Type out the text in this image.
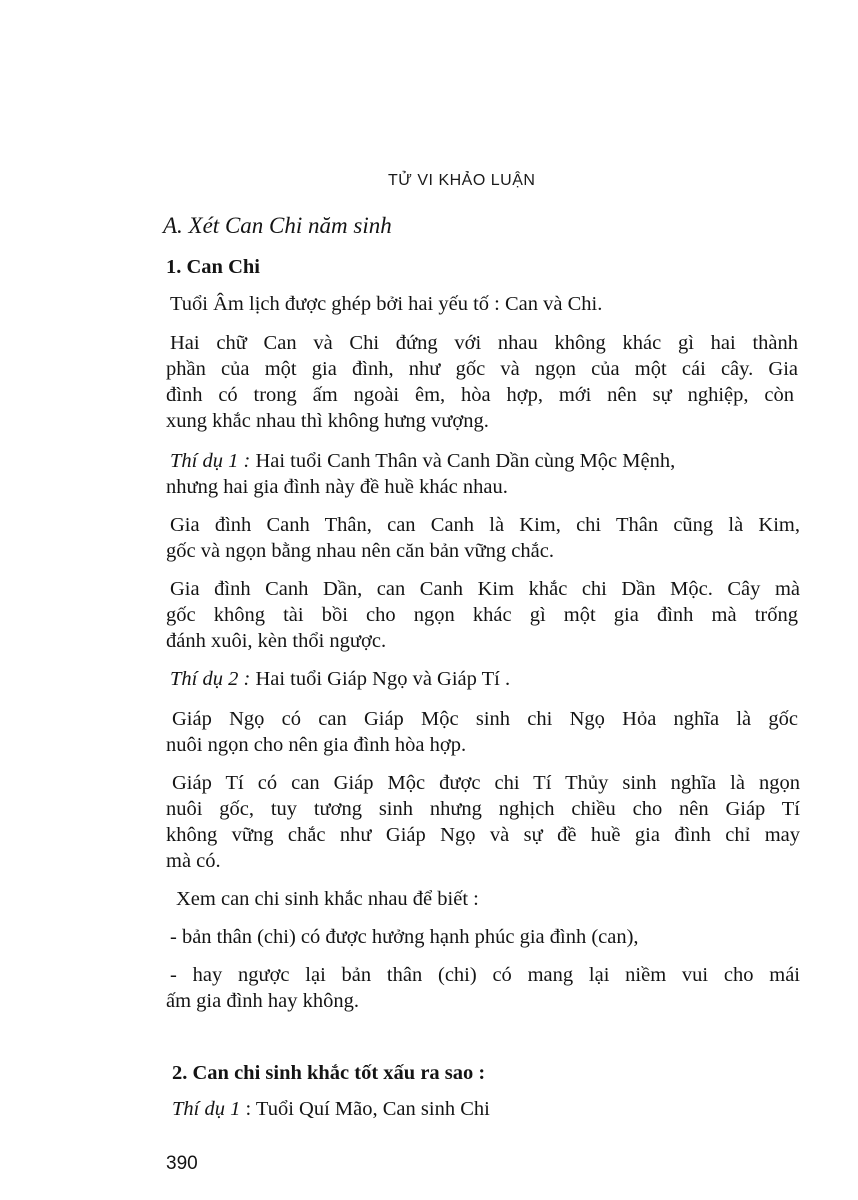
TỬ VI KHẢO LUẬN
A. Xét Can Chi năm sinh
1. Can Chi
Tuổi Âm lịch được ghép bởi hai yếu tố : Can và Chi.
Hai chữ Can và Chi đứng với nhau không khác gì hai thành
phần của một gia đình, như gốc và ngọn của một cái cây. Gia
đình có trong ấm ngoài êm, hòa hợp, mới nên sự nghiệp, còn
xung khắc nhau thì không hưng vượng.
Thí dụ 1 : Hai tuổi Canh Thân và Canh Dần cùng Mộc Mệnh,
nhưng hai gia đình này đề huề khác nhau.
Gia đình Canh Thân, can Canh là Kim, chi Thân cũng là Kim,
gốc và ngọn bằng nhau nên căn bản vững chắc.
Gia đình Canh Dần, can Canh Kim khắc chi Dần Mộc. Cây mà
gốc không tài bồi cho ngọn khác gì một gia đình mà trống
đánh xuôi, kèn thổi ngược.
Thí dụ 2 : Hai tuổi Giáp Ngọ và Giáp Tí .
Giáp Ngọ có can Giáp Mộc sinh chi Ngọ Hỏa nghĩa là gốc
nuôi ngọn cho nên gia đình hòa hợp.
Giáp Tí có can Giáp Mộc được chi Tí Thủy sinh nghĩa là ngọn
nuôi gốc, tuy tương sinh nhưng nghịch chiều cho nên Giáp Tí
không vững chắc như Giáp Ngọ và sự đề huề gia đình chỉ may
mà có.
Xem can chi sinh khắc nhau để biết :
- bản thân (chi) có được hưởng hạnh phúc gia đình (can),
- hay ngược lại bản thân (chi) có mang lại niềm vui cho mái
ấm gia đình hay không.
2. Can chi sinh khắc tốt xấu ra sao :
Thí dụ 1 : Tuổi Quí Mão, Can sinh Chi
390
